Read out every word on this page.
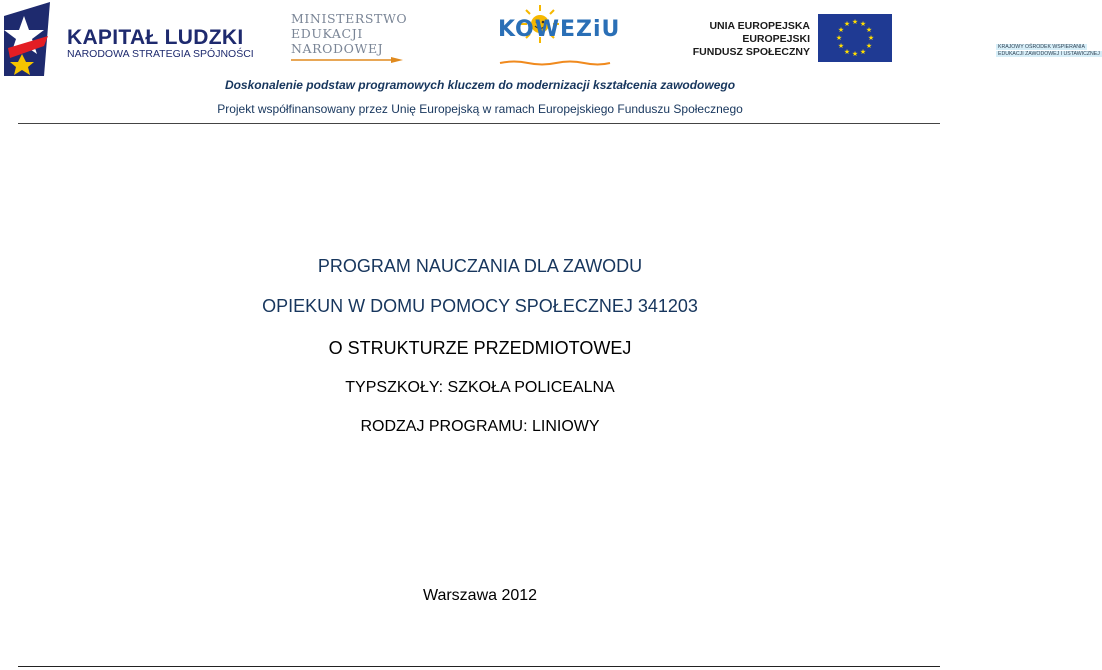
KAPITAŁ LUDZKI
NARODOWA STRATEGIA SPÓJNOŚCI
MINISTERSTWO
EDUKACJI
NARODOWEJ
KOWEZiU
KRAJOWY OŚRODEK WSPIERANIA
EDUKACJI ZAWODOWEJ I USTAWICZNEJ
UNIA EUROPEJSKA
EUROPEJSKI
FUNDUSZ SPOŁECZNY
★ ★
★
★
★
★
★
★
★
★
★
★
Doskonalenie podstaw programowych kluczem do modernizacji kształcenia zawodowego
Projekt współfinansowany przez Unię Europejską w ramach Europejskiego Funduszu Społecznego
PROGRAM NAUCZANIA DLA ZAWODU
OPIEKUN W DOMU POMOCY SPOŁECZNEJ 341203
O STRUKTURZE PRZEDMIOTOWEJ
TYPSZKOŁY: SZKOŁA POLICEALNA
RODZAJ PROGRAMU: LINIOWY
Warszawa 2012
